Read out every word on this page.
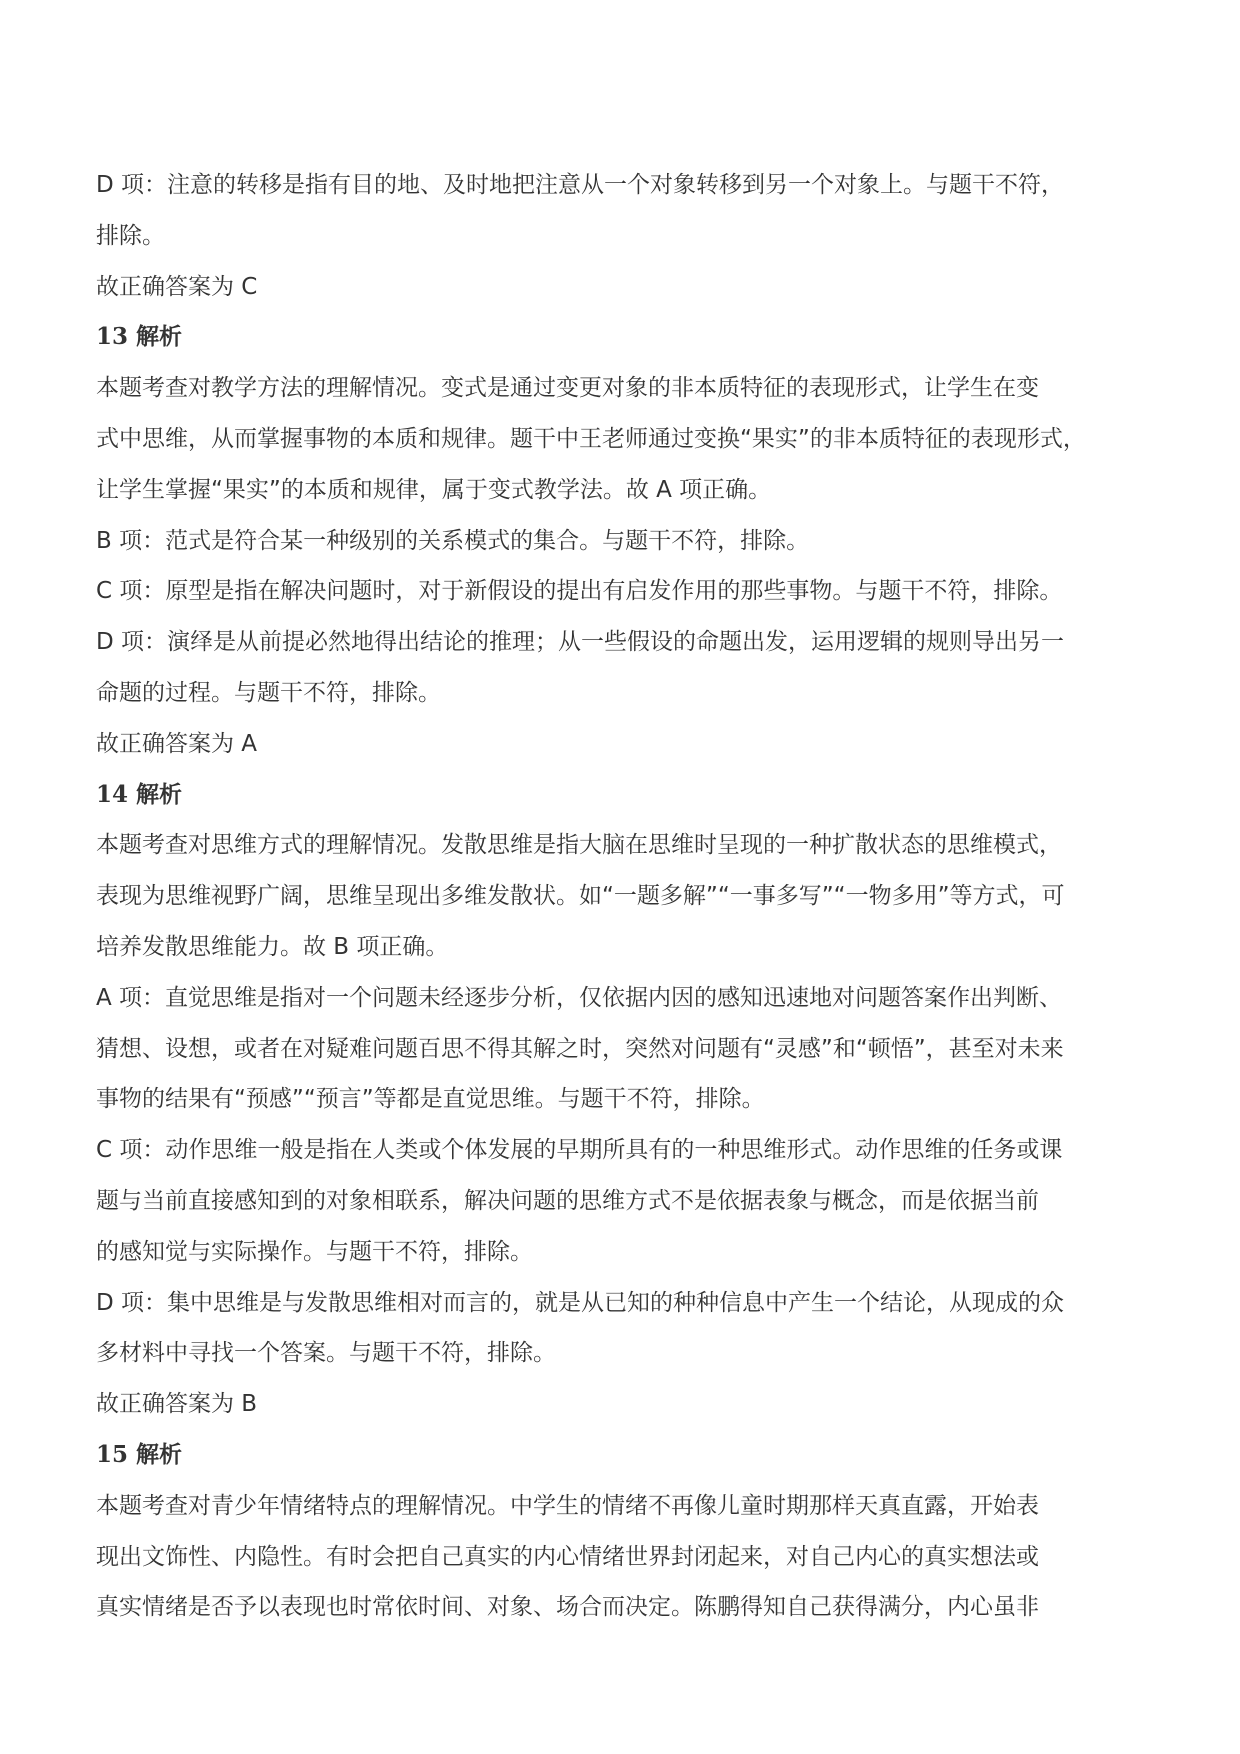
D 项：注意的转移是指有目的地、及时地把注意从一个对象转移到另一个对象上。与题干不符，
排除。
故正确答案为 C
13 解析
本题考查对教学方法的理解情况。变式是通过变更对象的非本质特征的表现形式，让学生在变
式中思维，从而掌握事物的本质和规律。题干中王老师通过变换“果实”的非本质特征的表现形式，
让学生掌握“果实”的本质和规律，属于变式教学法。故 A 项正确。
B 项：范式是符合某一种级别的关系模式的集合。与题干不符，排除。
C 项：原型是指在解决问题时，对于新假设的提出有启发作用的那些事物。与题干不符，排除。
D 项：演绎是从前提必然地得出结论的推理；从一些假设的命题出发，运用逻辑的规则导出另一
命题的过程。与题干不符，排除。
故正确答案为 A
14 解析
本题考查对思维方式的理解情况。发散思维是指大脑在思维时呈现的一种扩散状态的思维模式，
表现为思维视野广阔，思维呈现出多维发散状。如“一题多解”“一事多写”“一物多用”等方式，可
培养发散思维能力。故 B 项正确。
A 项：直觉思维是指对一个问题未经逐步分析，仅依据内因的感知迅速地对问题答案作出判断、
猜想、设想，或者在对疑难问题百思不得其解之时，突然对问题有“灵感”和“顿悟”，甚至对未来
事物的结果有“预感”“预言”等都是直觉思维。与题干不符，排除。
C 项：动作思维一般是指在人类或个体发展的早期所具有的一种思维形式。动作思维的任务或课
题与当前直接感知到的对象相联系，解决问题的思维方式不是依据表象与概念，而是依据当前
的感知觉与实际操作。与题干不符，排除。
D 项：集中思维是与发散思维相对而言的，就是从已知的种种信息中产生一个结论，从现成的众
多材料中寻找一个答案。与题干不符，排除。
故正确答案为 B
15 解析
本题考查对青少年情绪特点的理解情况。中学生的情绪不再像儿童时期那样天真直露，开始表
现出文饰性、内隐性。有时会把自己真实的内心情绪世界封闭起来，对自己内心的真实想法或
真实情绪是否予以表现也时常依时间、对象、场合而决定。陈鹏得知自己获得满分，内心虽非
